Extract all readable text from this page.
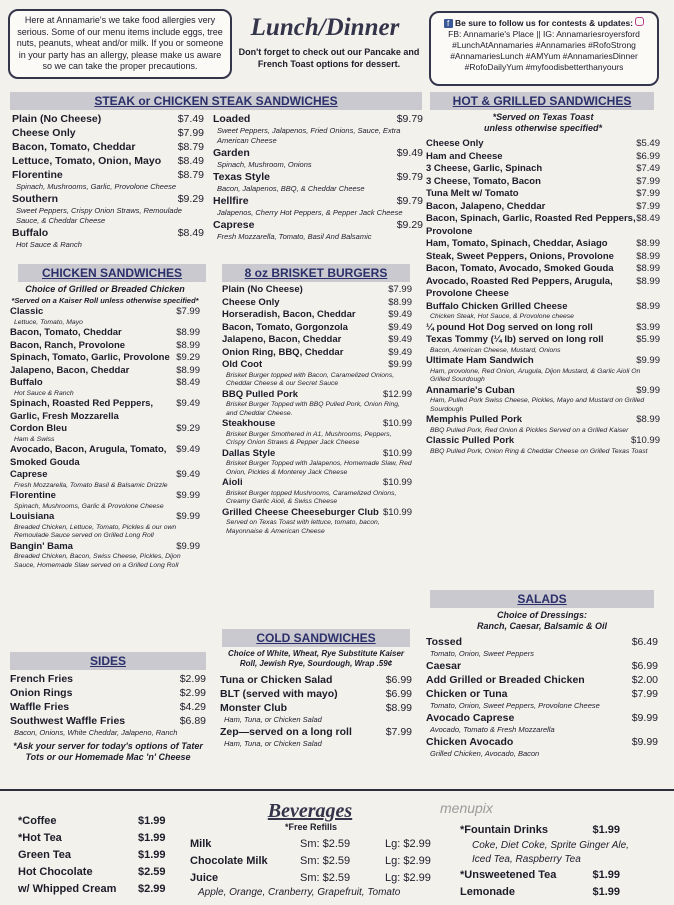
Here at Annamarie's we take food allergies very serious. Some of our menu items include eggs, tree nuts, peanuts, wheat and/or milk. If you or someone in your party has an allergy, please make us aware so we can take the proper precautions.
Lunch/Dinner
Don't forget to check out our Pancake and French Toast options for dessert.
f Be sure to follow us for contests & updates:
FB: Annamarie's Place || IG: Annamariesroyersford
#LunchAtAnnamaries #Annamaries #RofoStrong #AnnamariesLunch #AMYum #AnnamariesDinner #RofoDailyYum #myfoodisbetterthanyours
STEAK or CHICKEN STEAK SANDWICHES
Plain (No Cheese)	$7.49
Cheese Only	$7.99
Bacon, Tomato, Cheddar	$8.79
Lettuce, Tomato, Onion, Mayo $8.49
Florentine	$8.79
Spinach, Mushrooms, Garlic, Provolone Cheese
Southern	$9.29
Sweet Peppers, Crispy Onion Straws, Remoulade Sauce, & Cheddar Cheese
Buffalo	$8.49
Hot Sauce & Ranch
Loaded	$9.79
Sweet Peppers, Jalapenos, Fried Onions, Sauce, Extra American Cheese
Garden	$9.49
Spinach, Mushroom, Onions
Texas Style	$9.79
Bacon, Jalapenos, BBQ, & Cheddar Cheese
Hellfire	$9.79
Jalapenos, Cherry Hot Peppers, & Pepper Jack Cheese
Caprese	$9.29
Fresh Mozzarella, Tomato, Basil And Balsamic
CHICKEN SANDWICHES
Choice of Grilled or Breaded Chicken
*Served on a Kaiser Roll unless otherwise specified*
Classic	$7.99
Lettuce, Tomato, Mayo
Bacon, Tomato, Cheddar	$8.99
Bacon, Ranch, Provolone	$8.99
Spinach, Tomato, Garlic, Provolone $9.29
Jalapeno, Bacon, Cheddar	$8.99
Buffalo	$8.49
Hot Sauce & Ranch
Spinach, Roasted Red Peppers, Garlic, Fresh Mozzarella
$9.49
Cordon Bleu	$9.29
Ham & Swiss
Avocado, Bacon, Arugula, Tomato, Smoked Gouda
$9.49
Caprese	$9.49
Fresh Mozzarella, Tomato Basil & Balsamic Drizzle
Florentine	$9.99
Spinach, Mushrooms, Garlic & Provolone Cheese
Louisiana	$9.99
Breaded Chicken, Lettuce, Tomato, Pickles & our own Remoulade Sauce served on Grilled Long Roll
Bangin' Bama	$9.99
Breaded Chicken, Bacon, Swiss Cheese, Pickles, Dijon Sauce, Homemade Slaw served on a Grilled Long Roll
8 oz BRISKET BURGERS
Plain (No Cheese)	$7.99
Cheese Only	$8.99
Horseradish, Bacon, Cheddar	$9.49
Bacon, Tomato, Gorgonzola	$9.49
Jalapeno, Bacon, Cheddar	$9.49
Onion Ring, BBQ, Cheddar	$9.49
Old Coot	$9.99
Brisket Burger topped with Bacon, Caramelized Onions, Cheddar Cheese & our Secret Sauce
BBQ Pulled Pork	$12.99
Brisket Burger Topped with BBQ Pulled Pork, Onion Ring, and Cheddar Cheese.
Steakhouse	$10.99
Brisket Burger Smothered in A1, Mushrooms, Peppers, Crispy Onion Straws & Pepper Jack Cheese
Dallas Style	$10.99
Brisket Burger Topped with Jalapenos, Homemade Slaw, Red Onion, Pickles & Monterey Jack Cheese
Aioli	$10.99
Brisket Burger topped Mushrooms, Caramelized Onions, Creamy Garlic Aioli, & Swiss Cheese
Grilled Cheese Cheeseburger Club $10.99
Served on Texas Toast with lettuce, tomato, bacon, Mayonnaise & American Cheese
HOT & GRILLED SANDWICHES
*Served on Texas Toast
unless otherwise specified*
Cheese Only	$5.49
Ham and Cheese	$6.99
3 Cheese, Garlic, Spinach	$7.49
3 Cheese, Tomato, Bacon	$7.99
Tuna Melt w/ Tomato	$7.99
Bacon, Jalapeno, Cheddar	$7.99
Bacon, Spinach, Garlic, Roasted Red Peppers, Provolone
$8.49
Ham, Tomato, Spinach, Cheddar, Asiago	$8.99
Steak, Sweet Peppers, Onions, Provolone $8.99
Bacon, Tomato, Avocado, Smoked Gouda $8.99
Avocado, Roasted Red Peppers, Arugula, Provolone Cheese
$8.99
Buffalo Chicken Grilled Cheese	$8.99
Chicken Steak, Hot Sauce, & Provolone cheese
¼ pound Hot Dog served on long roll	$3.99
Texas Tommy (¼ lb) served on long roll	$5.99
Bacon, American Cheese, Mustard, Onions
Ultimate Ham Sandwich	$9.99
Ham, provolone, Red Onion, Arugula, Dijon Mustard, & Garlic Aioli On Grilled Sourdough
Annamarie's Cuban	$9.99
Ham, Pulled Pork Swiss Cheese, Pickles, Mayo and Mustard on Grilled Sourdough
Memphis Pulled Pork	$8.99
BBQ Pulled Pork, Red Onion & Pickles Served on a Grilled Kaiser
Classic Pulled Pork	$10.99
BBQ Pulled Pork, Onion Ring & Cheddar Cheese on Grilled Texas Toast
SALADS
Choice of Dressings:
Ranch, Caesar, Balsamic & Oil
Tossed	$6.49
Tomato, Onion, Sweet Peppers
Caesar	$6.99
Add Grilled or Breaded Chicken	$2.00
Chicken or Tuna	$7.99
Tomato, Onion, Sweet Peppers, Provolone Cheese
Avocado Caprese	$9.99
Avocado, Tomato & Fresh Mozzarella
Chicken Avocado	$9.99
Grilled Chicken, Avocado, Bacon
SIDES
French Fries	$2.99
Onion Rings	$2.99
Waffle Fries	$4.29
Southwest Waffle Fries	$6.89
Bacon, Onions, White Cheddar, Jalapeno, Ranch
*Ask your server for today's options of Tater Tots or our Homemade Mac 'n' Cheese
COLD SANDWICHES
Choice of White, Wheat, Rye Substitute Kaiser Roll, Jewish Rye, Sourdough, Wrap .59¢
Tuna or Chicken Salad	$6.99
BLT (served with mayo)	$6.99
Monster Club	$8.99
Ham, Tuna, or Chicken Salad
Zep—served on a long roll	$7.99
Ham, Tuna, or Chicken Salad
Beverages
*Free Refills
*Coffee	$1.99
*Hot Tea	$1.99
Green Tea	$1.99
Hot Chocolate	$2.59
w/ Whipped Cream	$2.99
Milk	Sm: $2.59	Lg: $2.99
Chocolate Milk	Sm: $2.59	Lg: $2.99
Juice	Sm: $2.59	Lg: $2.99
Apple, Orange, Cranberry, Grapefruit, Tomato
*Fountain Drinks	$1.99
Coke, Diet Coke, Sprite Ginger Ale, Iced Tea, Raspberry Tea
*Unsweetened Tea	$1.99
Lemonade	$1.99
menupix
